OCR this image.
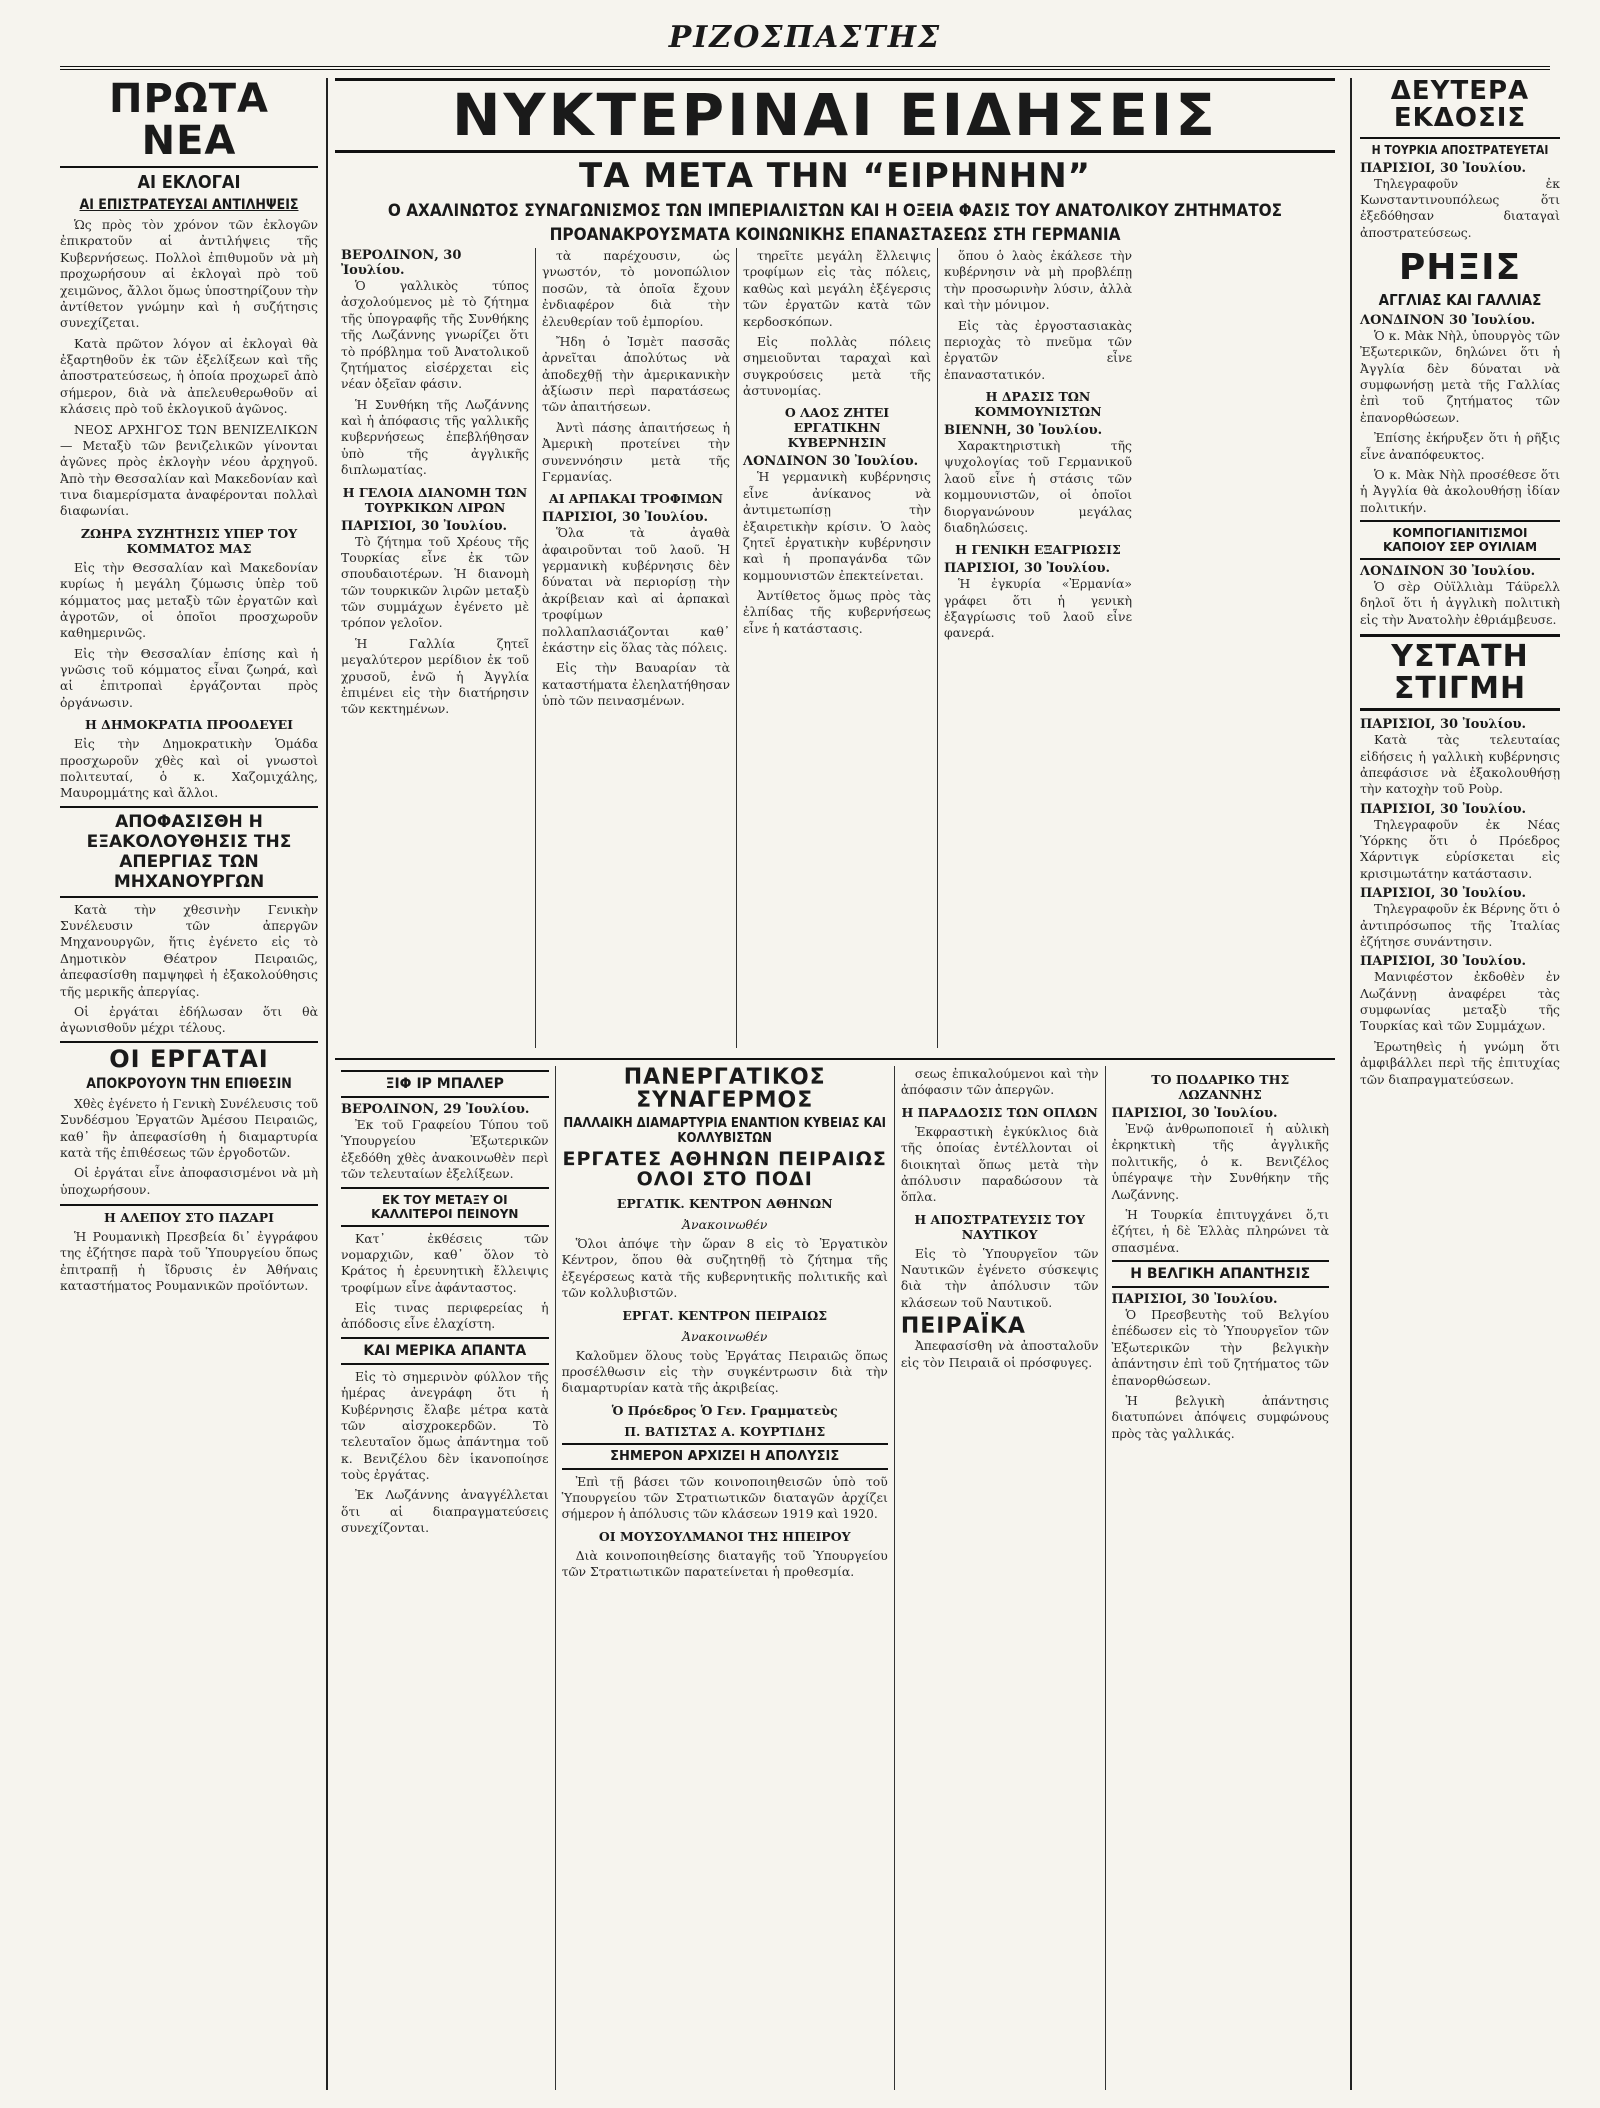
ΡΙΖΟΣΠΑΣΤΗΣ
ΠΡΩΤΑ ΝΕΑ
ΑΙ ΕΚΛΟΓΑΙ
ΑΙ ΕΠΙΣΤΡΑΤΕΥΣΑΙ ΑΝΤΙΛΗΨΕΙΣ

Ὡς πρὸς τὸν χρόνον τῶν ἐκλογῶν ἐπικρατοῦν αἱ ἀντιλήψεις τῆς Κυβερνήσεως. Πολλοὶ ἐπιθυμοῦν νὰ μὴ προχωρήσουν αἱ ἐκλογαὶ πρὸ τοῦ χειμῶνος, ἄλλοι ὅμως ὑποστηρίζουν τὴν ἀντίθετον γνώμην καὶ ἡ συζήτησις συνεχίζεται.

Κατὰ πρῶτον λόγον αἱ ἐκλογαὶ θὰ ἐξαρτηθοῦν ἐκ τῶν ἐξελίξεων καὶ τῆς ἀποστρατεύσεως, ἡ ὁποία προχωρεῖ ἀπὸ σήμερον, διὰ νὰ ἀπελευθερωθοῦν αἱ κλάσεις πρὸ τοῦ ἐκλογικοῦ ἀγῶνος.

ΝΕΟΣ ΑΡΧΗΓΟΣ ΤΩΝ ΒΕΝΙΖΕΛΙΚΩΝ — Μεταξὺ τῶν βενιζελικῶν γίνονται ἀγῶνες πρὸς ἐκλογὴν νέου ἀρχηγοῦ. Ἀπὸ τὴν Θεσσαλίαν καὶ Μακεδονίαν καὶ τινα διαμερίσματα ἀναφέρονται πολλαὶ διαφωνίαι.

ΖΩΗΡΑ ΣΥΖΗΤΗΣΙΣ ΥΠΕΡ ΤΟΥ ΚΟΜΜΑΤΟΣ ΜΑΣ

Εἰς τὴν Θεσσαλίαν καὶ Μακεδονίαν κυρίως ἡ μεγάλη ζύμωσις ὑπὲρ τοῦ κόμματος μας μεταξὺ τῶν ἐργατῶν καὶ ἀγροτῶν, οἱ ὁποῖοι προσχωροῦν καθημερινῶς.

Εἰς τὴν Θεσσαλίαν ἐπίσης καὶ ἡ γνῶσις τοῦ κόμματος εἶναι ζωηρά, καὶ αἱ ἐπιτροπαὶ ἐργάζονται πρὸς ὀργάνωσιν.

Η ΔΗΜΟΚΡΑΤΙΑ ΠΡΟΟΔΕΥΕΙ

Εἰς τὴν Δημοκρατικὴν Ὁμάδα προσχωροῦν χθὲς καὶ οἱ γνωστοὶ πολιτευταί, ὁ κ. Χαζομιχάλης, Μαυρομμάτης καὶ ἄλλοι.

ΑΠΟΦΑΣΙΣΘΗ Η ΕΞΑΚΟΛΟΥΘΗΣΙΣ ΤΗΣ ΑΠΕΡΓΙΑΣ ΤΩΝ ΜΗΧΑΝΟΥΡΓΩΝ

Κατὰ τὴν χθεσινὴν Γενικὴν Συνέλευσιν τῶν ἀπεργῶν Μηχανουργῶν, ἥτις ἐγένετο εἰς τὸ Δημοτικὸν Θέατρον Πειραιῶς, ἀπεφασίσθη παμψηφεὶ ἡ ἐξακολούθησις τῆς μερικῆς ἀπεργίας.

Οἱ ἐργάται ἐδήλωσαν ὅτι θὰ ἀγωνισθοῦν μέχρι τέλους.

ΟΙ ΕΡΓΑΤΑΙ
ΑΠΟΚΡΟΥΟΥΝ ΤΗΝ ΕΠΙΘΕΣΙΝ

Χθὲς ἐγένετο ἡ Γενικὴ Συνέλευσις τοῦ Συνδέσμου Ἐργατῶν Ἀμέσου Πειραιῶς, καθ᾽ ἣν ἀπεφασίσθη ἡ διαμαρτυρία κατὰ τῆς ἐπιθέσεως τῶν ἐργοδοτῶν.

Οἱ ἐργάται εἶνε ἀποφασισμένοι νὰ μὴ ὑποχωρήσουν.

Η ΑΛΕΠΟΥ ΣΤΟ ΠΑΖΑΡΙ

Ἡ Ρουμανικὴ Πρεσβεία δι᾽ ἐγγράφου της ἐζήτησε παρὰ τοῦ Ὑπουργείου ὅπως ἐπιτραπῇ ἡ ἴδρυσις ἐν Ἀθήναις καταστήματος Ρουμανικῶν προϊόντων.

ΝΥΚΤΕΡΙΝΑΙ ΕΙΔΗΣΕΙΣ
ΤΑ ΜΕΤΑ ΤΗΝ “ΕΙΡΗΝΗΝ”
Ο ΑΧΑΛΙΝΩΤΟΣ ΣΥΝΑΓΩΝΙΣΜΟΣ ΤΩΝ ΙΜΠΕΡΙΑΛΙΣΤΩΝ ΚΑΙ Η ΟΞΕΙΑ ΦΑΣΙΣ ΤΟΥ ΑΝΑΤΟΛΙΚΟΥ ΖΗΤΗΜΑΤΟΣ
ΠΡΟΑΝΑΚΡΟΥΣΜΑΤΑ ΚΟΙΝΩΝΙΚΗΣ ΕΠΑΝΑΣΤΑΣΕΩΣ ΣΤΗ ΓΕΡΜΑΝΙΑ
ΒΕΡΟΛΙΝΟΝ, 30 Ἰουλίου.

Ὁ γαλλικὸς τύπος ἀσχολούμενος μὲ τὸ ζήτημα τῆς ὑπογραφῆς τῆς Συνθήκης τῆς Λωζάννης γνωρίζει ὅτι τὸ πρόβλημα τοῦ Ἀνατολικοῦ ζητήματος εἰσέρχεται εἰς νέαν ὀξεῖαν φάσιν.

Ἡ Συνθήκη τῆς Λωζάννης καὶ ἡ ἀπόφασις τῆς γαλλικῆς κυβερνήσεως ἐπεβλήθησαν ὑπὸ τῆς ἀγγλικῆς διπλωματίας.

Η ΓΕΛΟΙΑ ΔΙΑΝΟΜΗ ΤΩΝ ΤΟΥΡΚΙΚΩΝ ΛΙΡΩΝ
ΠΑΡΙΣΙΟΙ, 30 Ἰουλίου.

Τὸ ζήτημα τοῦ Χρέους τῆς Τουρκίας εἶνε ἐκ τῶν σπουδαιοτέρων. Ἡ διανομὴ τῶν τουρκικῶν λιρῶν μεταξὺ τῶν συμμάχων ἐγένετο μὲ τρόπον γελοῖον.

Ἡ Γαλλία ζητεῖ μεγαλύτερον μερίδιον ἐκ τοῦ χρυσοῦ, ἐνῶ ἡ Ἀγγλία ἐπιμένει εἰς τὴν διατήρησιν τῶν κεκτημένων.

τὰ παρέχουσιν, ὡς γνωστόν, τὸ μονοπώλιον ποσῶν, τὰ ὁποῖα ἔχουν ἐνδιαφέρον διὰ τὴν ἐλευθερίαν τοῦ ἐμπορίου.

Ἤδη ὁ Ἰσμὲτ πασσᾶς ἀρνεῖται ἀπολύτως νὰ ἀποδεχθῇ τὴν ἀμερικανικὴν ἀξίωσιν περὶ παρατάσεως τῶν ἀπαιτήσεων.

Ἀντὶ πάσης ἀπαιτήσεως ἡ Ἀμερικὴ προτείνει τὴν συνεννόησιν μετὰ τῆς Γερμανίας.

ΑΙ ΑΡΠΑΚΑΙ ΤΡΟΦΙΜΩΝ
ΠΑΡΙΣΙΟΙ, 30 Ἰουλίου.

Ὅλα τὰ ἀγαθὰ ἀφαιροῦνται τοῦ λαοῦ. Ἡ γερμανικὴ κυβέρνησις δὲν δύναται νὰ περιορίσῃ τὴν ἀκρίβειαν καὶ αἱ ἀρπακαὶ τροφίμων πολλαπλασιάζονται καθ᾽ ἑκάστην εἰς ὅλας τὰς πόλεις.

Εἰς τὴν Βαυαρίαν τὰ καταστήματα ἐλεηλατήθησαν ὑπὸ τῶν πεινασμένων.

τηρεῖτε μεγάλη ἔλλειψις τροφίμων εἰς τὰς πόλεις, καθὼς καὶ μεγάλη ἐξέγερσις τῶν ἐργατῶν κατὰ τῶν κερδοσκόπων.

Εἰς πολλὰς πόλεις σημειοῦνται ταραχαὶ καὶ συγκρούσεις μετὰ τῆς ἀστυνομίας.

Ο ΛΑΟΣ ΖΗΤΕΙ ΕΡΓΑΤΙΚΗΝ ΚΥΒΕΡΝΗΣΙΝ
ΛΟΝΔΙΝΟΝ 30 Ἰουλίου.

Ἡ γερμανικὴ κυβέρνησις εἶνε ἀνίκανος νὰ ἀντιμετωπίσῃ τὴν ἐξαιρετικὴν κρίσιν. Ὁ λαὸς ζητεῖ ἐργατικὴν κυβέρνησιν καὶ ἡ προπαγάνδα τῶν κομμουνιστῶν ἐπεκτείνεται.

Ἀντίθετος ὅμως πρὸς τὰς ἐλπίδας τῆς κυβερνήσεως εἶνε ἡ κατάστασις.

ὅπου ὁ λαὸς ἐκάλεσε τὴν κυβέρνησιν νὰ μὴ προβλέπῃ τὴν προσωρινὴν λύσιν, ἀλλὰ καὶ τὴν μόνιμον.

Εἰς τὰς ἐργοστασιακὰς περιοχὰς τὸ πνεῦμα τῶν ἐργατῶν εἶνε ἐπαναστατικόν.

Η ΔΡΑΣΙΣ ΤΩΝ ΚΟΜΜΟΥΝΙΣΤΩΝ
ΒΙΕΝΝΗ, 30 Ἰουλίου.

Χαρακτηριστικὴ τῆς ψυχολογίας τοῦ Γερμανικοῦ λαοῦ εἶνε ἡ στάσις τῶν κομμουνιστῶν, οἱ ὁποῖοι διοργανώνουν μεγάλας διαδηλώσεις.

Η ΓΕΝΙΚΗ ΕΞΑΓΡΙΩΣΙΣ
ΠΑΡΙΣΙΟΙ, 30 Ἰουλίου.

Ἡ ἐγκυρία «Ἐρμανία» γράφει ὅτι ἡ γενικὴ ἐξαγρίωσις τοῦ λαοῦ εἶνε φανερά.

ΞΙΦ ΙΡ ΜΠΑΛΕΡ
ΒΕΡΟΛΙΝΟΝ, 29 Ἰουλίου.

Ἐκ τοῦ Γραφείου Τύπου τοῦ Ὑπουργείου Ἐξωτερικῶν ἐξεδόθη χθὲς ἀνακοινωθὲν περὶ τῶν τελευταίων ἐξελίξεων.

ΕΚ ΤΟΥ ΜΕΤΑΞΥ ΟΙ ΚΑΛΛΙΤΕΡΟΙ ΠΕΙΝΟΥΝ

Κατ᾽ ἐκθέσεις τῶν νομαρχιῶν, καθ᾽ ὅλον τὸ Κράτος ἡ ἐρευνητικὴ ἔλλειψις τροφίμων εἶνε ἀφάνταστος.

Εἰς τινας περιφερείας ἡ ἀπόδοσις εἶνε ἐλαχίστη.

ΚΑΙ ΜΕΡΙΚΑ ΑΠΑΝΤΑ

Εἰς τὸ σημερινὸν φύλλον τῆς ἡμέρας ἀνεγράφη ὅτι ἡ Κυβέρνησις ἔλαβε μέτρα κατὰ τῶν αἰσχροκερδῶν. Τὸ τελευταῖον ὅμως ἀπάντημα τοῦ κ. Βενιζέλου δὲν ἱκανοποίησε τοὺς ἐργάτας.

Ἐκ Λωζάννης ἀναγγέλλεται ὅτι αἱ διαπραγματεύσεις συνεχίζονται.

ΠΑΝΕΡΓΑΤΙΚΟΣ ΣΥΝΑΓΕΡΜΟΣ
ΠΑΛΛΑΙΚΗ ΔΙΑΜΑΡΤΥΡΙΑ ΕΝΑΝΤΙΟΝ ΚΥΒΕΙΑΣ ΚΑΙ ΚΟΛΛΥΒΙΣΤΩΝ
ΕΡΓΑΤΕΣ ΑΘΗΝΩΝ ΠΕΙΡΑΙΩΣ ΟΛΟΙ ΣΤΟ ΠΟΔΙ
ΕΡΓΑΤΙΚ. ΚΕΝΤΡΟΝ ΑΘΗΝΩΝ
Ἀνακοινωθέν

Ὅλοι ἀπόψε τὴν ὥραν 8 εἰς τὸ Ἐργατικὸν Κέντρον, ὅπου θὰ συζητηθῇ τὸ ζήτημα τῆς ἐξεγέρσεως κατὰ τῆς κυβερνητικῆς πολιτικῆς καὶ τῶν κολλυβιστῶν.

ΕΡΓΑΤ. ΚΕΝΤΡΟΝ ΠΕΙΡΑΙΩΣ
Ἀνακοινωθέν

Καλοῦμεν ὅλους τοὺς Ἐργάτας Πειραιῶς ὅπως προσέλθωσιν εἰς τὴν συγκέντρωσιν διὰ τὴν διαμαρτυρίαν κατὰ τῆς ἀκριβείας.

Ὁ Πρόεδρος Ὁ Γεν. Γραμματεὺς
Π. ΒΑΤΙΣΤΑΣ Α. ΚΟΥΡΤΙΔΗΣ
ΣΗΜΕΡΟΝ ΑΡΧΙΖΕΙ Η ΑΠΟΛΥΣΙΣ

Ἐπὶ τῇ βάσει τῶν κοινοποιηθεισῶν ὑπὸ τοῦ Ὑπουργείου τῶν Στρατιωτικῶν διαταγῶν ἀρχίζει σήμερον ἡ ἀπόλυσις τῶν κλάσεων 1919 καὶ 1920.

ΟΙ ΜΟΥΣΟΥΛΜΑΝΟΙ ΤΗΣ ΗΠΕΙΡΟΥ

Διὰ κοινοποιηθείσης διαταγῆς τοῦ Ὑπουργείου τῶν Στρατιωτικῶν παρατείνεται ἡ προθεσμία.

σεως ἐπικαλούμενοι καὶ τὴν ἀπόφασιν τῶν ἀπεργῶν.

Η ΠΑΡΑΔΟΣΙΣ ΤΩΝ ΟΠΛΩΝ

Ἐκφραστικὴ ἐγκύκλιος διὰ τῆς ὁποίας ἐντέλλονται οἱ διοικηταὶ ὅπως μετὰ τὴν ἀπόλυσιν παραδώσουν τὰ ὅπλα.

Η ΑΠΟΣΤΡΑΤΕΥΣΙΣ ΤΟΥ ΝΑΥΤΙΚΟΥ

Εἰς τὸ Ὑπουργεῖον τῶν Ναυτικῶν ἐγένετο σύσκεψις διὰ τὴν ἀπόλυσιν τῶν κλάσεων τοῦ Ναυτικοῦ.

ΠΕΙΡΑΪΚΑ

Ἀπεφασίσθη νὰ ἀποσταλοῦν εἰς τὸν Πειραιᾶ οἱ πρόσφυγες.

ΤΟ ΠΟΔΑΡΙΚΟ ΤΗΣ ΛΩΖΑΝΝΗΣ
ΠΑΡΙΣΙΟΙ, 30 Ἰουλίου.

Ἐνῷ ἀνθρωποποιεῖ ἡ αὐλικὴ ἐκρηκτικὴ τῆς ἀγγλικῆς πολιτικῆς, ὁ κ. Βενιζέλος ὑπέγραψε τὴν Συνθήκην τῆς Λωζάννης.

Ἡ Τουρκία ἐπιτυγχάνει ὅ,τι ἐζήτει, ἡ δὲ Ἑλλὰς πληρώνει τὰ σπασμένα.

Η ΒΕΛΓΙΚΗ ΑΠΑΝΤΗΣΙΣ
ΠΑΡΙΣΙΟΙ, 30 Ἰουλίου.

Ὁ Πρεσβευτὴς τοῦ Βελγίου ἐπέδωσεν εἰς τὸ Ὑπουργεῖον τῶν Ἐξωτερικῶν τὴν βελγικὴν ἀπάντησιν ἐπὶ τοῦ ζητήματος τῶν ἐπανορθώσεων.

Ἡ βελγικὴ ἀπάντησις διατυπώνει ἀπόψεις συμφώνους πρὸς τὰς γαλλικάς.

ΔΕΥΤΕΡΑ ΕΚΔΟΣΙΣ
Η ΤΟΥΡΚΙΑ ΑΠΟΣΤΡΑΤΕΥΕΤΑΙ
ΠΑΡΙΣΙΟΙ, 30 Ἰουλίου.

Τηλεγραφοῦν ἐκ Κωνσταντινουπόλεως ὅτι ἐξεδόθησαν διαταγαὶ ἀποστρατεύσεως.

ΡΗΞΙΣ
ΑΓΓΛΙΑΣ ΚΑΙ ΓΑΛΛΙΑΣ
ΛΟΝΔΙΝΟΝ 30 Ἰουλίου.

Ὁ κ. Μὰκ Νὴλ, ὑπουργὸς τῶν Ἐξωτερικῶν, δηλώνει ὅτι ἡ Ἀγγλία δὲν δύναται νὰ συμφωνήσῃ μετὰ τῆς Γαλλίας ἐπὶ τοῦ ζητήματος τῶν ἐπανορθώσεων.

Ἐπίσης ἐκήρυξεν ὅτι ἡ ρῆξις εἶνε ἀναπόφευκτος.

Ὁ κ. Μὰκ Νὴλ προσέθεσε ὅτι ἡ Ἀγγλία θὰ ἀκολουθήσῃ ἰδίαν πολιτικήν.

ΚΟΜΠΟΓΙΑΝΙΤΙΣΜΟΙ ΚΑΠΟΙΟΥ ΣΕΡ ΟΥΙΛΙΑΜ
ΛΟΝΔΙΝΟΝ 30 Ἰουλίου.

Ὁ σὲρ Οὐϊλλιὰμ Τάϋρελλ δηλοῖ ὅτι ἡ ἀγγλικὴ πολιτικὴ εἰς τὴν Ἀνατολὴν ἐθριάμβευσε.

ΥΣΤΑΤΗ ΣΤΙΓΜΗ
ΠΑΡΙΣΙΟΙ, 30 Ἰουλίου.

Κατὰ τὰς τελευταίας εἰδήσεις ἡ γαλλικὴ κυβέρνησις ἀπεφάσισε νὰ ἐξακολουθήσῃ τὴν κατοχὴν τοῦ Ροὺρ.

ΠΑΡΙΣΙΟΙ, 30 Ἰουλίου.

Τηλεγραφοῦν ἐκ Νέας Ὑόρκης ὅτι ὁ Πρόεδρος Χάρντιγκ εὑρίσκεται εἰς κρισιμωτάτην κατάστασιν.

ΠΑΡΙΣΙΟΙ, 30 Ἰουλίου.

Τηλεγραφοῦν ἐκ Βέρνης ὅτι ὁ ἀντιπρόσωπος τῆς Ἰταλίας ἐζήτησε συνάντησιν.

ΠΑΡΙΣΙΟΙ, 30 Ἰουλίου.

Μανιφέστον ἐκδοθὲν ἐν Λωζάννῃ ἀναφέρει τὰς συμφωνίας μεταξὺ τῆς Τουρκίας καὶ τῶν Συμμάχων.

Ἐρωτηθεὶς ἡ γνώμη ὅτι ἀμφιβάλλει περὶ τῆς ἐπιτυχίας τῶν διαπραγματεύσεων.
